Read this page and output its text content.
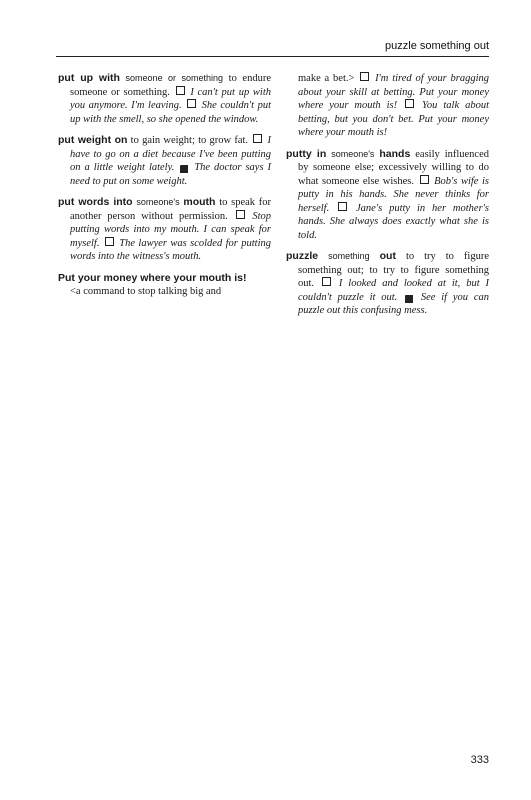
puzzle something out
put up with someone or something to endure someone or something. I can't put up with you anymore. I'm leaving. She couldn't put up with the smell, so she opened the window.
put weight on to gain weight; to grow fat. I have to go on a diet because I've been putting on a little weight lately. T The doctor says I need to put on some weight.
put words into someone's mouth to speak for another person without permission. Stop putting words into my mouth. I can speak for myself. The lawyer was scolded for putting words into the witness's mouth.
Put your money where your mouth is!
<a command to stop talking big and
make a bet.> I'm tired of your bragging about your skill at betting. Put your money where your mouth is! You talk about betting, but you don't bet. Put your money where your mouth is!
putty in someone's hands easily influenced by someone else; excessively willing to do what someone else wishes. Bob's wife is putty in his hands. She never thinks for herself.	Jane's putty in her mother's hands. She always does exactly what she is told.
puzzle something out to try to figure something out; to try to figure something out. I looked and looked at it, but I couldn't puzzle it out. T See if you can puzzle out this confusing mess.
333
